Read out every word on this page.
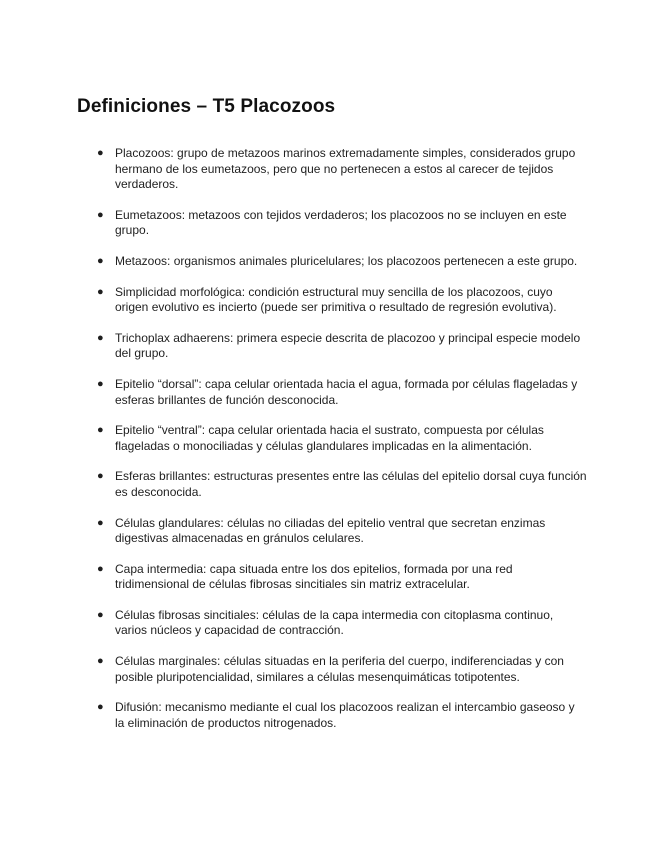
Definiciones – T5 Placozoos
● Placozoos: grupo de metazoos marinos extremadamente simples, considerados grupo hermano de los eumetazoos, pero que no pertenecen a estos al carecer de tejidos verdaderos.
● Eumetazoos: metazoos con tejidos verdaderos; los placozoos no se incluyen en este grupo.
● Metazoos: organismos animales pluricelulares; los placozoos pertenecen a este grupo.
● Simplicidad morfológica: condición estructural muy sencilla de los placozoos, cuyo origen evolutivo es incierto (puede ser primitiva o resultado de regresión evolutiva).
● Trichoplax adhaerens: primera especie descrita de placozoo y principal especie modelo del grupo.
● Epitelio “dorsal”: capa celular orientada hacia el agua, formada por células flageladas y esferas brillantes de función desconocida.
● Epitelio “ventral”: capa celular orientada hacia el sustrato, compuesta por células flageladas o monociliadas y células glandulares implicadas en la alimentación.
● Esferas brillantes: estructuras presentes entre las células del epitelio dorsal cuya función es desconocida.
● Células glandulares: células no ciliadas del epitelio ventral que secretan enzimas digestivas almacenadas en gránulos celulares.
● Capa intermedia: capa situada entre los dos epitelios, formada por una red tridimensional de células fibrosas sincitiales sin matriz extracelular.
● Células fibrosas sincitiales: células de la capa intermedia con citoplasma continuo, varios núcleos y capacidad de contracción.
● Células marginales: células situadas en la periferia del cuerpo, indiferenciadas y con posible pluripotencialidad, similares a células mesenquimáticas totipotentes.
● Difusión: mecanismo mediante el cual los placozoos realizan el intercambio gaseoso y la eliminación de productos nitrogenados.
